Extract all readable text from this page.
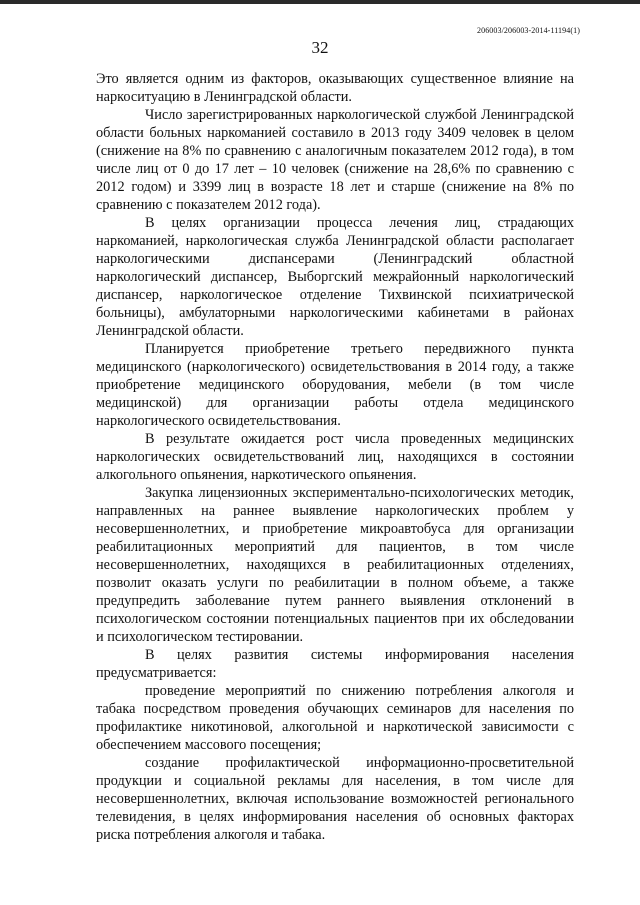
206003/206003-2014-11194(1)
32

Это является одним из факторов, оказывающих существенное влияние на наркоситуацию в Ленинградской области.

Число зарегистрированных наркологической службой Ленинградской области больных наркоманией составило в 2013 году 3409 человек в целом (снижение на 8% по сравнению с аналогичным показателем 2012 года), в том числе лиц от 0 до 17 лет – 10 человек (снижение на 28,6% по сравнению с 2012 годом) и 3399 лиц в возрасте 18 лет и старше (снижение на 8% по сравнению с показателем 2012 года).

В целях организации процесса лечения лиц, страдающих наркоманией, наркологическая служба Ленинградской области располагает наркологическими диспансерами (Ленинградский областной наркологический диспансер, Выборгский межрайонный наркологический диспансер, наркологическое отделение Тихвинской психиатрической больницы), амбулаторными наркологическими кабинетами в районах Ленинградской области.

Планируется приобретение третьего передвижного пункта медицинского (наркологического) освидетельствования в 2014 году, а также приобретение медицинского оборудования, мебели (в том числе медицинской) для организации работы отдела медицинского наркологического освидетельствования.

В результате ожидается рост числа проведенных медицинских наркологических освидетельствований лиц, находящихся в состоянии алкогольного опьянения, наркотического опьянения.

Закупка лицензионных экспериментально-психологических методик, направленных на раннее выявление наркологических проблем у несовершеннолетних, и приобретение микроавтобуса для организации реабилитационных мероприятий для пациентов, в том числе несовершеннолетних, находящихся в реабилитационных отделениях, позволит оказать услуги по реабилитации в полном объеме, а также предупредить заболевание путем раннего выявления отклонений в психологическом состоянии потенциальных пациентов при их обследовании и психологическом тестировании.

В целях развития системы информирования населения предусматривается:

проведение мероприятий по снижению потребления алкоголя и табака посредством проведения обучающих семинаров для населения по профилактике никотиновой, алкогольной и наркотической зависимости с обеспечением массового посещения;

создание профилактической информационно-просветительной продукции и социальной рекламы для населения, в том числе для несовершеннолетних, включая использование возможностей регионального телевидения, в целях информирования населения об основных факторах риска потребления алкоголя и табака.
